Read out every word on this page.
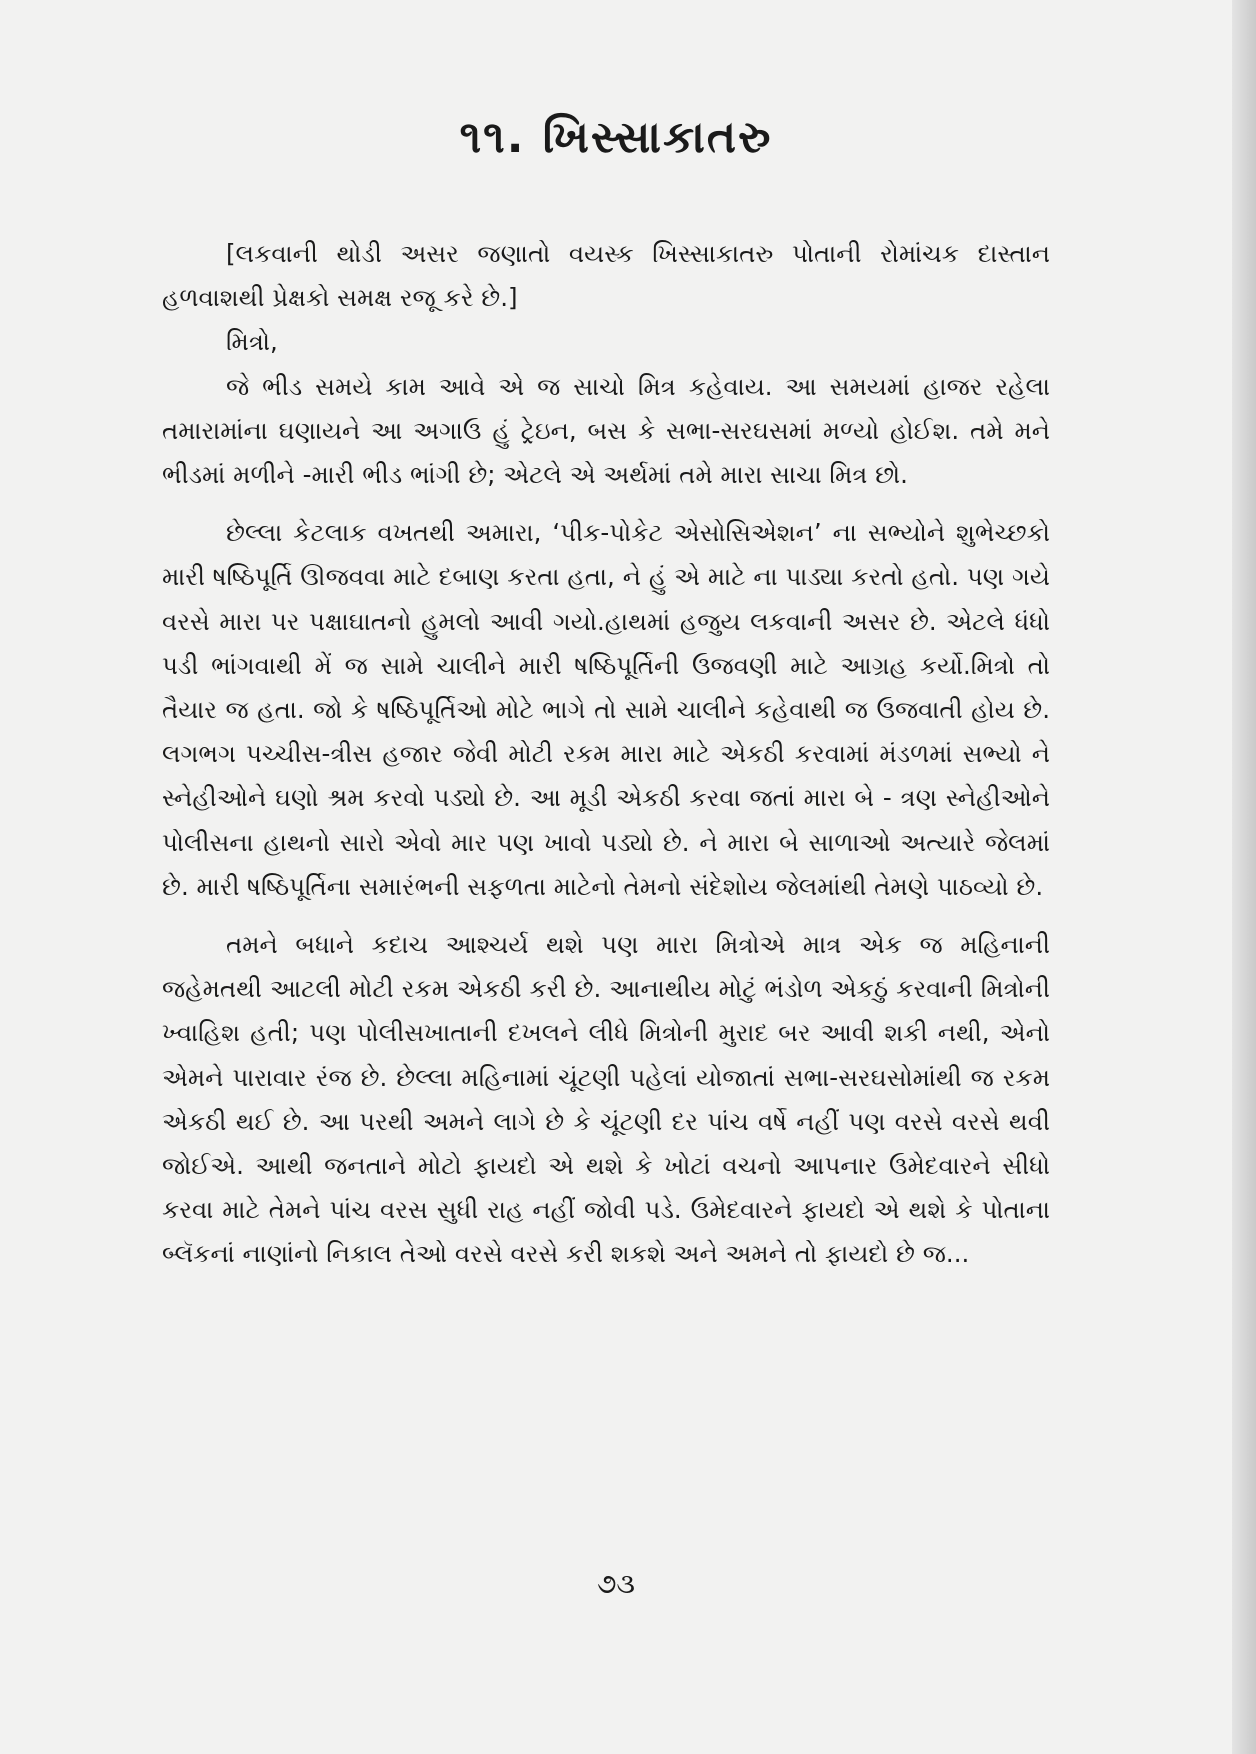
૧૧. ખિસ્સાકાતરુ

[લકવાની થોડી અસર જણાતો વયસ્ક ખિસ્સાકાતરુ પોતાની રોમાંચક દાસ્તાન હળવાશથી પ્રેક્ષકો સમક્ષ રજૂ કરે છે.]

મિત્રો,

જે ભીડ સમયે કામ આવે એ જ સાચો મિત્ર કહેવાય. આ સમયમાં હાજર રહેલા તમારામાંના ઘણાયને આ અગાઉ હું ટ્રેઇન, બસ કે સભા-સરઘસમાં મળ્યો હોઈશ. તમે મને ભીડમાં મળીને -મારી ભીડ ભાંગી છે; એટલે એ અર્થમાં તમે મારા સાચા મિત્ર છો.

છેલ્લા કેટલાક વખતથી અમારા, ‘પીક-પોકેટ એસોસિએશન’ ના સભ્યોને શુભેચ્છકો મારી ષષ્ઠિપૂર્તિ ઊજવવા માટે દબાણ કરતા હતા, ને હું એ માટે ના પાડ્યા કરતો હતો. પણ ગયે વરસે મારા પર પક્ષાઘાતનો હુમલો આવી ગયો.હાથમાં હજુય લકવાની અસર છે. એટલે ધંધો પડી ભાંગવાથી મેં જ સામે ચાલીને મારી ષષ્ઠિપૂર્તિની ઉજવણી માટે આગ્રહ કર્યો.મિત્રો તો તૈયાર જ હતા. જો કે ષષ્ઠિપૂર્તિઓ મોટે ભાગે તો સામે ચાલીને કહેવાથી જ ઉજવાતી હોય છે. લગભગ પચ્ચીસ-ત્રીસ હજાર જેવી મોટી રકમ મારા માટે એકઠી કરવામાં મંડળમાં સભ્યો ને સ્નેહીઓને ઘણો શ્રમ કરવો પડ્યો છે. આ મૂડી એકઠી કરવા જતાં મારા બે - ત્રણ સ્નેહીઓને પોલીસના હાથનો સારો એવો માર પણ ખાવો પડ્યો છે. ને મારા બે સાળાઓ અત્યારે જેલમાં છે. મારી ષષ્ઠિપૂર્તિના સમારંભની સફળતા માટેનો તેમનો સંદેશોય જેલમાંથી તેમણે પાઠવ્યો છે.

તમને બધાને કદાચ આશ્ચર્ય થશે પણ મારા મિત્રોએ માત્ર એક જ મહિનાની જહેમતથી આટલી મોટી રકમ એકઠી કરી છે. આનાથીય મોટું ભંડોળ એકઠું કરવાની મિત્રોની ખ્વાહિશ હતી; પણ પોલીસખાતાની દખલને લીધે મિત્રોની મુરાદ બર આવી શકી નથી, એનો એમને પારાવાર રંજ છે. છેલ્લા મહિનામાં ચૂંટણી પહેલાં યોજાતાં સભા-સરઘસોમાંથી જ રકમ એકઠી થઈ છે. આ પરથી અમને લાગે છે કે ચૂંટણી દર પાંચ વર્ષે નહીં પણ વરસે વરસે થવી જોઈએ. આથી જનતાને મોટો ફાયદો એ થશે કે ખોટાં વચનો આપનાર ઉમેદવારને સીધો કરવા માટે તેમને પાંચ વરસ સુધી રાહ નહીં જોવી પડે. ઉમેદવારને ફાયદો એ થશે કે પોતાના બ્લૅકનાં નાણાંનો નિકાલ તેઓ વરસે વરસે કરી શકશે અને અમને તો ફાયદો છે જ...

૭૩
